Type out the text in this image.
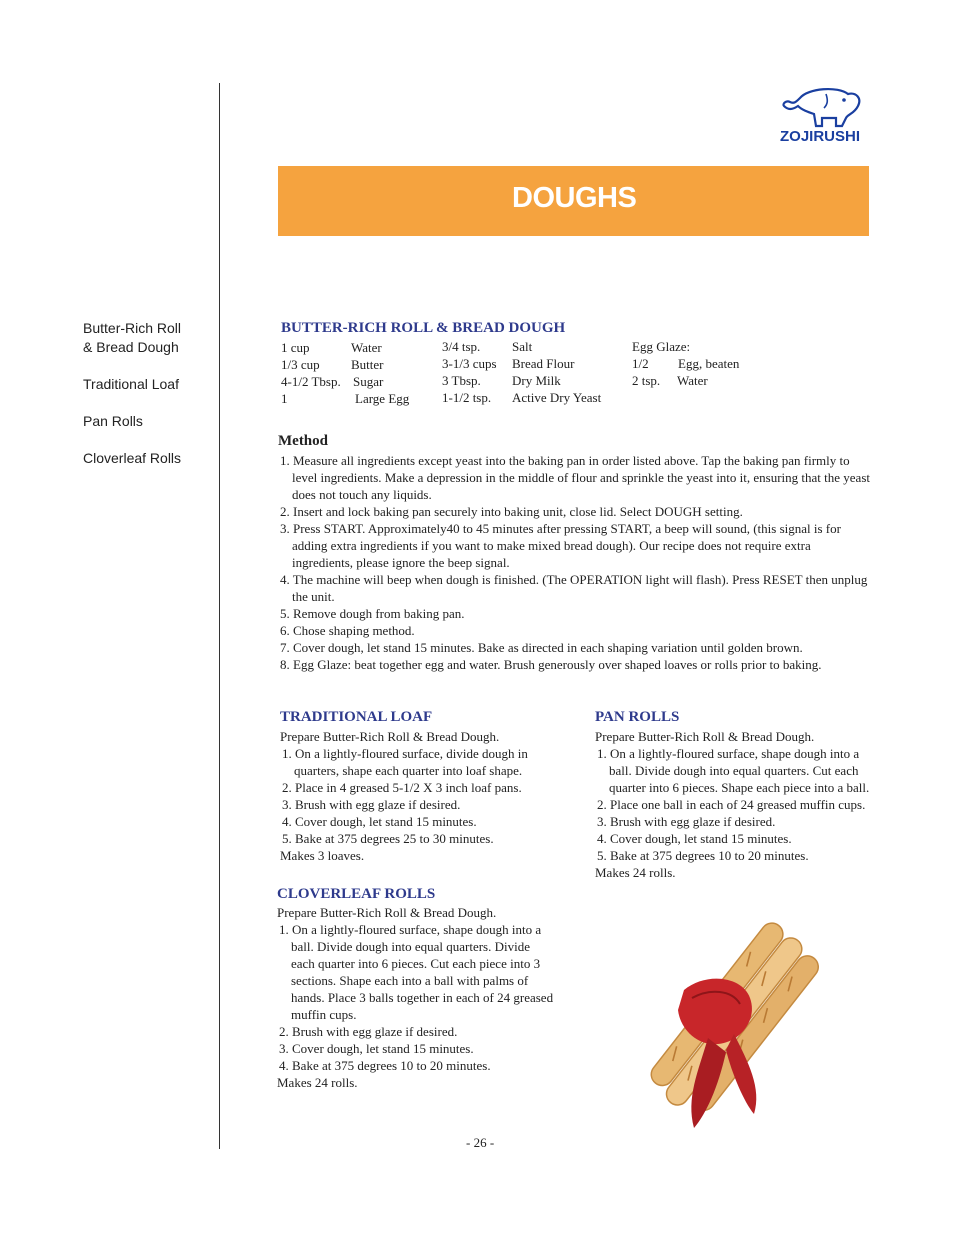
ZOJIRUSHI
DOUGHS
Butter-Rich Roll
& Bread Dough
Traditional Loaf
Pan Rolls
Cloverleaf Rolls
BUTTER-RICH ROLL & BREAD DOUGH
1 cup	Water
1/3 cup Butter
4-1/2 Tbsp. Sugar
1	Large Egg
3/4 tsp. Salt
3-1/3 cups Bread Flour
3 Tbsp. Dry Milk
1-1/2 tsp. Active Dry Yeast
Egg Glaze:
1/2 Egg, beaten
2 tsp. Water
Method
1. Measure all ingredients except yeast into the baking pan in order listed above. Tap the baking pan firmly to level ingredients. Make a depression in the middle of flour and sprinkle the yeast into it, ensuring that the yeast does not touch any liquids.
2. Insert and lock baking pan securely into baking unit, close lid. Select DOUGH setting.
3. Press START. Approximately40 to 45 minutes after pressing START, a beep will sound, (this signal is for adding extra ingredients if you want to make mixed bread dough). Our recipe does not require extra ingredients, please ignore the beep signal.
4. The machine will beep when dough is finished. (The OPERATION light will flash). Press RESET then unplug the unit.
5. Remove dough from baking pan.
6. Chose shaping method.
7. Cover dough, let stand 15 minutes. Bake as directed in each shaping variation until golden brown.
8. Egg Glaze: beat together egg and water. Brush generously over shaped loaves or rolls prior to baking.
TRADITIONAL LOAF
Prepare Butter-Rich Roll & Bread Dough.
1. On a lightly-floured surface, divide dough in quarters, shape each quarter into loaf shape.
2. Place in 4 greased 5-1/2 X 3 inch loaf pans.
3. Brush with egg glaze if desired.
4. Cover dough, let stand 15 minutes.
5. Bake at 375 degrees 25 to 30 minutes.
Makes 3 loaves.
CLOVERLEAF ROLLS
Prepare Butter-Rich Roll & Bread Dough.
1. On a lightly-floured surface, shape dough into a ball. Divide dough into equal quarters. Divide each quarter into 6 pieces. Cut each piece into 3 sections. Shape each into a ball with palms of hands. Place 3 balls together in each of 24 greased muffin cups.
2. Brush with egg glaze if desired.
3. Cover dough, let stand 15 minutes.
4. Bake at 375 degrees 10 to 20 minutes.
Makes 24 rolls.
PAN ROLLS
Prepare Butter-Rich Roll & Bread Dough.
1. On a lightly-floured surface, shape dough into a ball. Divide dough into equal quarters. Cut each quarter into 6 pieces. Shape each piece into a ball.
2. Place one ball in each of 24 greased muffin cups.
3. Brush with egg glaze if desired.
4. Cover dough, let stand 15 minutes.
5. Bake at 375 degrees 10 to 20 minutes.
Makes 24 rolls.
- 26 -
